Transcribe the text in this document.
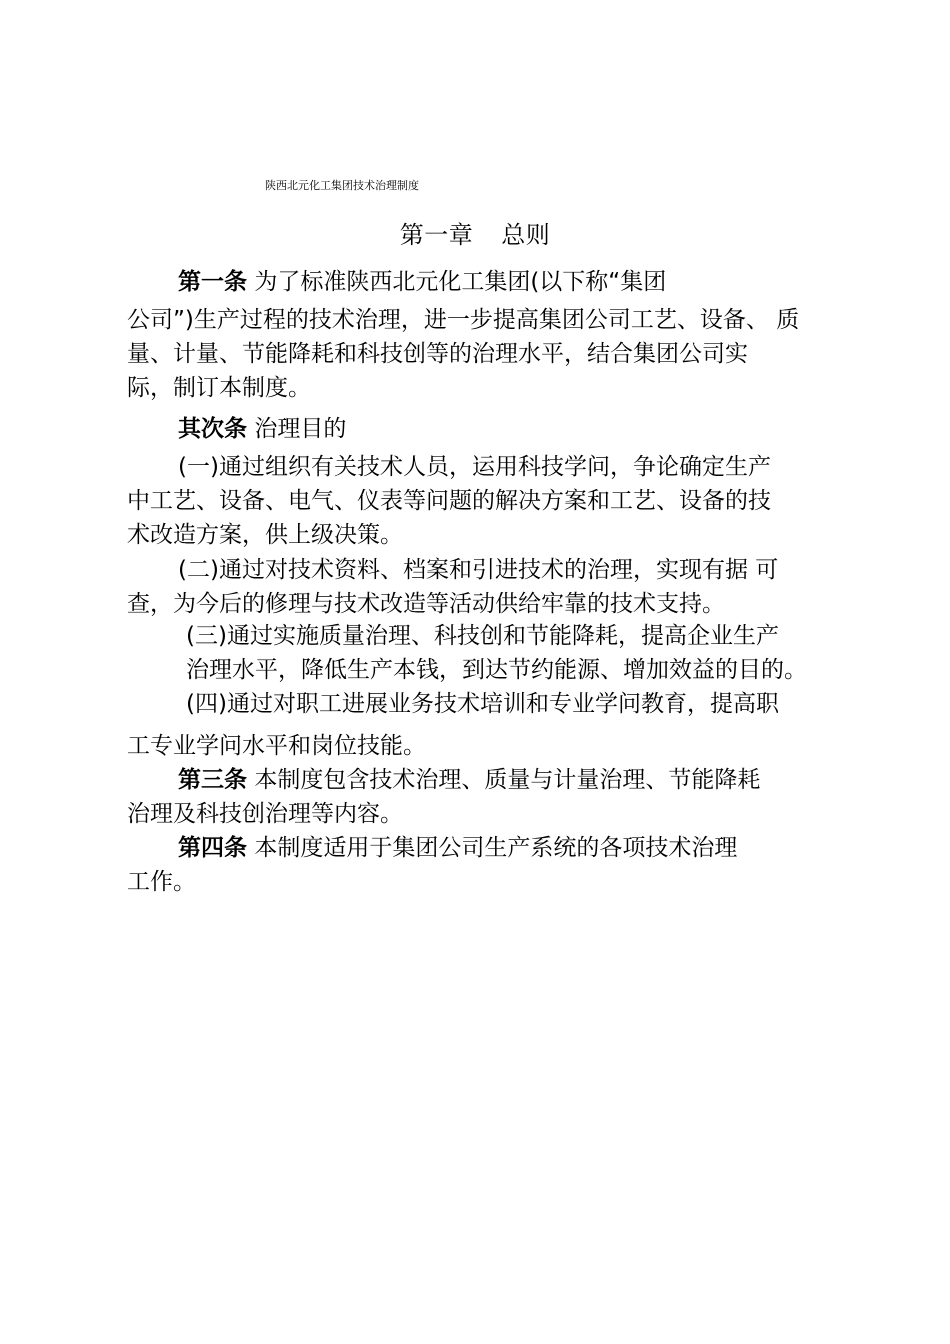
陕西北元化工集团技术治理制度
第一章 总则
第一条 为了标准陕西北元化工集团(以下称“集团
公司”)生产过程的技术治理，进一步提高集团公司工艺、设备、 质
量、计量、节能降耗和科技创等的治理水平，结合集团公司实
际，制订本制度。
其次条 治理目的
(一)通过组织有关技术人员，运用科技学问，争论确定生产
中工艺、设备、电气、仪表等问题的解决方案和工艺、设备的技
术改造方案，供上级决策。
(二)通过对技术资料、档案和引进技术的治理，实现有据 可
查，为今后的修理与技术改造等活动供给牢靠的技术支持。
(三)通过实施质量治理、科技创和节能降耗，提高企业生产
治理水平，降低生产本钱，到达节约能源、增加效益的目的。
(四)通过对职工进展业务技术培训和专业学问教育，提高职
工专业学问水平和岗位技能。
第三条 本制度包含技术治理、质量与计量治理、节能降耗
治理及科技创治理等内容。
第四条 本制度适用于集团公司生产系统的各项技术治理
工作。
